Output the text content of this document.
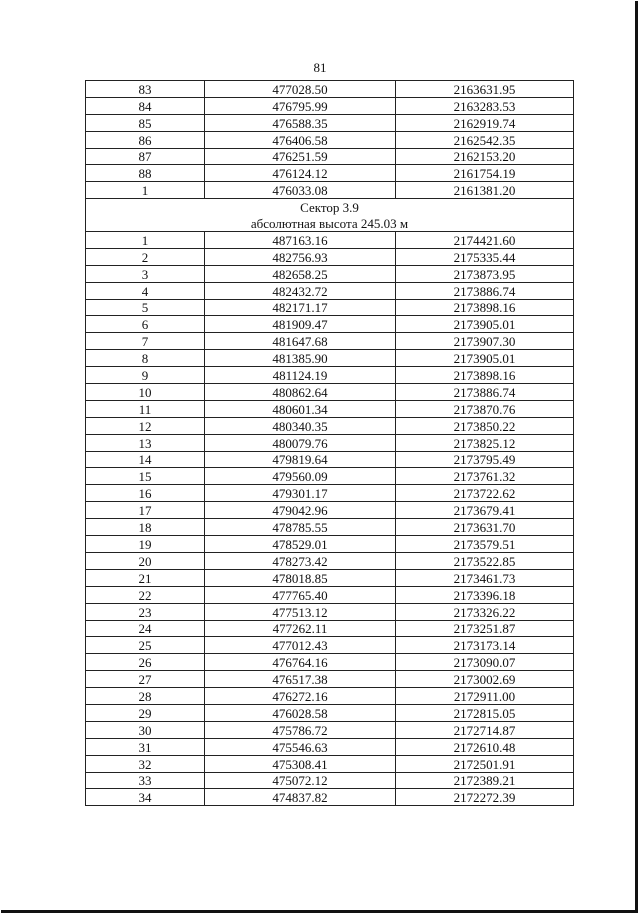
81
83	477028.50	2163631.95
84	476795.99	2163283.53
85	476588.35	2162919.74
86	476406.58	2162542.35
87	476251.59	2162153.20
88	476124.12	2161754.19
1	476033.08	2161381.20
Сектор 3.9		
абсолютная высота 245.03 м		
1	487163.16	2174421.60
2	482756.93	2175335.44
3	482658.25	2173873.95
4	482432.72	2173886.74
5	482171.17	2173898.16
6	481909.47	2173905.01
7	481647.68	2173907.30
8	481385.90	2173905.01
9	481124.19	2173898.16
10	480862.64	2173886.74
11	480601.34	2173870.76
12	480340.35	2173850.22
13	480079.76	2173825.12
14	479819.64	2173795.49
15	479560.09	2173761.32
16	479301.17	2173722.62
17	479042.96	2173679.41
18	478785.55	2173631.70
19	478529.01	2173579.51
20	478273.42	2173522.85
21	478018.85	2173461.73
22	477765.40	2173396.18
23	477513.12	2173326.22
24	477262.11	2173251.87
25	477012.43	2173173.14
26	476764.16	2173090.07
27	476517.38	2173002.69
28	476272.16	2172911.00
29	476028.58	2172815.05
30	475786.72	2172714.87
31	475546.63	2172610.48
32	475308.41	2172501.91
33	475072.12	2172389.21
34	474837.82	2172272.39
